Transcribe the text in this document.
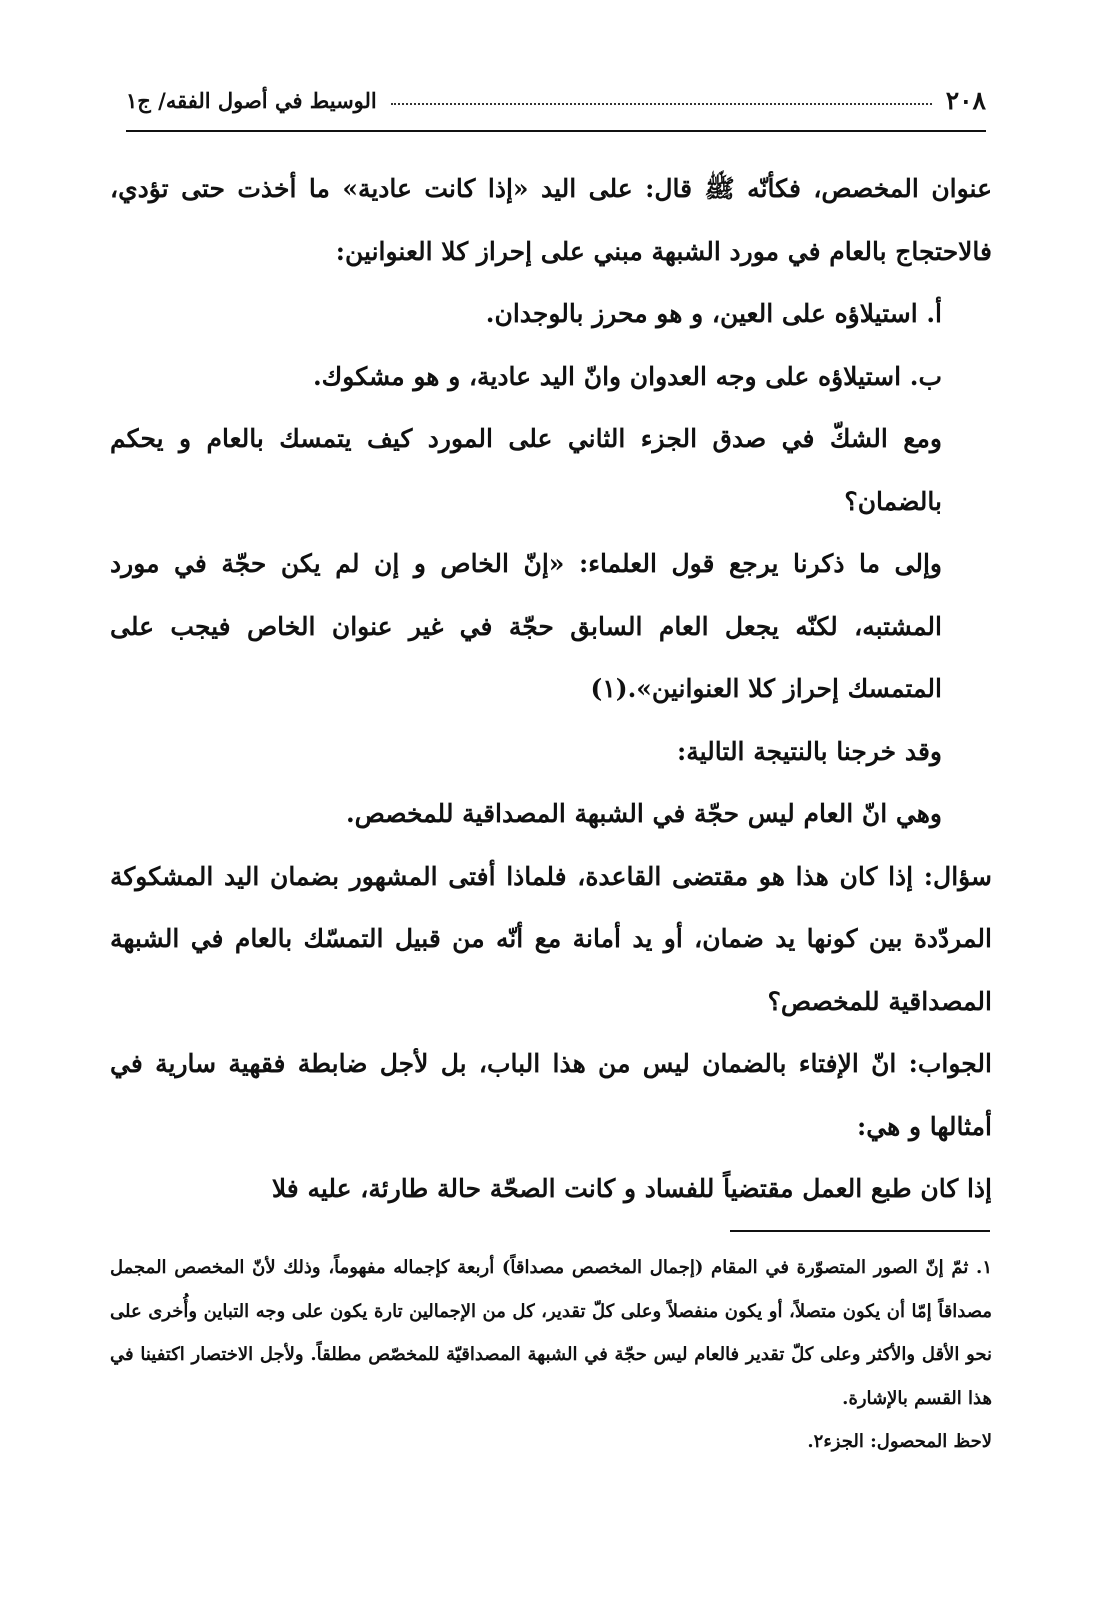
٢٠٨
الوسيط في أصول الفقه/ ج١

عنوان المخصص، فكأنّه ﷺ قال: على اليد «إذا كانت عادية» ما أخذت حتى تؤدي، فالاحتجاج بالعام في مورد الشبهة مبني على إحراز كلا العنوانين:

أ. استيلاؤه على العين، و هو محرز بالوجدان.

ب. استيلاؤه على وجه العدوان وانّ اليد عادية، و هو مشكوك.

ومع الشكّ في صدق الجزء الثاني على المورد كيف يتمسك بالعام و يحكم بالضمان؟

وإلى ما ذكرنا يرجع قول العلماء: «إنّ الخاص و إن لم يكن حجّة في مورد المشتبه، لكنّه يجعل العام السابق حجّة في غير عنوان الخاص فيجب على المتمسك إحراز كلا العنوانين».(١)

وقد خرجنا بالنتيجة التالية:

وهي انّ العام ليس حجّة في الشبهة المصداقية للمخصص.

سؤال: إذا كان هذا هو مقتضى القاعدة، فلماذا أفتى المشهور بضمان اليد المشكوكة المردّدة بين كونها يد ضمان، أو يد أمانة مع أنّه من قبيل التمسّك بالعام في الشبهة المصداقية للمخصص؟

الجواب: انّ الإفتاء بالضمان ليس من هذا الباب، بل لأجل ضابطة فقهية سارية في أمثالها و هي:

إذا كان طبع العمل مقتضياً للفساد و كانت الصحّة حالة طارئة، عليه فلا

١. ثمّ إنّ الصور المتصوّرة في المقام (إجمال المخصص مصداقاً) أربعة كإجماله مفهوماً، وذلك لأنّ المخصص المجمل مصداقاً إمّا أن يكون متصلاً، أو يكون منفصلاً وعلى كلّ تقدير، كل من الإجمالين تارة يكون على وجه التباين وأُخرى على نحو الأقل والأكثر وعلى كلّ تقدير فالعام ليس حجّة في الشبهة المصداقيّة للمخصّص مطلقاً. ولأجل الاختصار اكتفينا في هذا القسم بالإشارة.

لاحظ المحصول: الجزء٢.
